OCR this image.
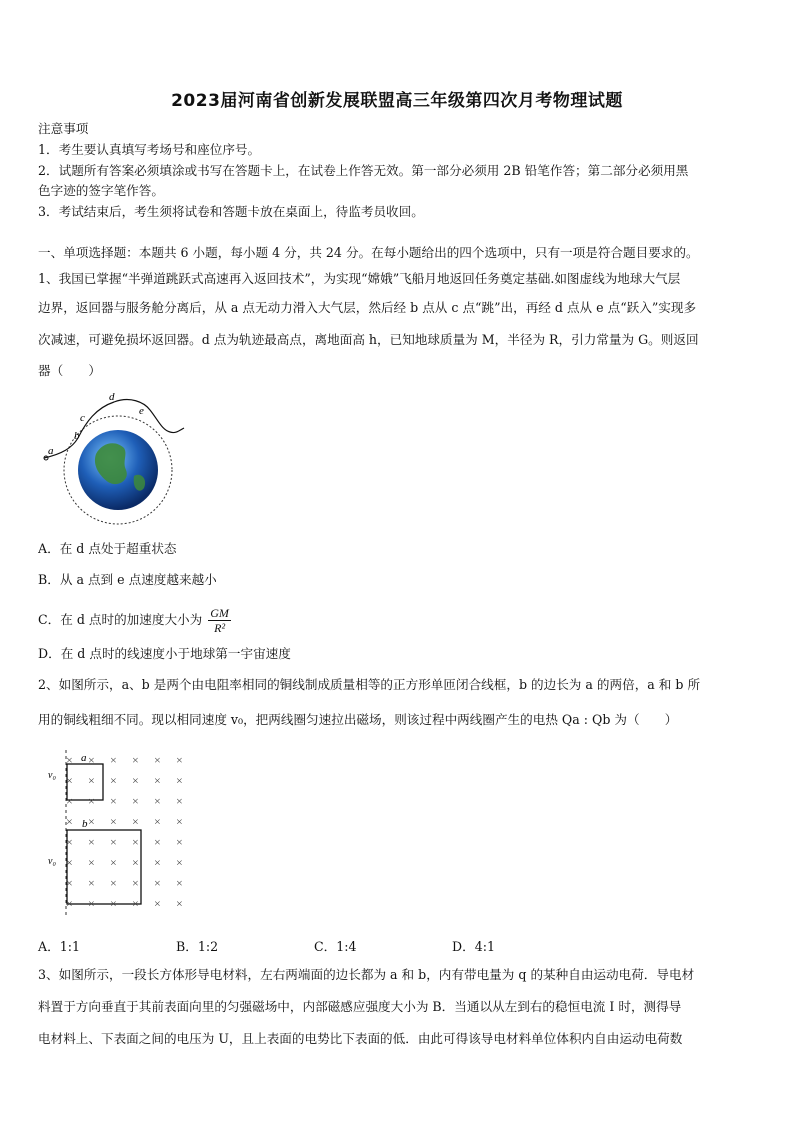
2023届河南省创新发展联盟高三年级第四次月考物理试题
注意事项
1．考生要认真填写考场号和座位序号。
2．试题所有答案必须填涂或书写在答题卡上，在试卷上作答无效。第一部分必须用 2B 铅笔作答；第二部分必须用黑
色字迹的签字笔作答。
3．考试结束后，考生须将试卷和答题卡放在桌面上，待监考员收回。
一、单项选择题：本题共 6 小题，每小题 4 分，共 24 分。在每小题给出的四个选项中，只有一项是符合题目要求的。
1、我国已掌握“半弹道跳跃式高速再入返回技术”，为实现“嫦娥”飞船月地返回任务奠定基础.如图虚线为地球大气层
边界，返回器与服务舱分离后，从 a 点无动力滑入大气层，然后经 b 点从 c 点“跳”出，再经 d 点从 e 点“跃入”实现多
次减速，可避免损坏返回器。d 点为轨迹最高点，离地面高 h，已知地球质量为 M，半径为 R，引力常量为 G。则返回
器（　　）
a
b
c
d
e
A．在 d 点处于超重状态
B．从 a 点到 e 点速度越来越小
C．在 d 点时的加速度大小为 $\frac{GM}{\text{R²}}$
D．在 d 点时的线速度小于地球第一宇宙速度
2、如图所示，a、b 是两个由电阻率相同的铜线制成质量相等的正方形单匝闭合线框，b 的边长为 a 的两倍，a 和 b 所
用的铜线粗细不同。现以相同速度 v₀，把两线圈匀速拉出磁场，则该过程中两线圈产生的电热 Qa : Qb 为（　　）
a
b
v₀
v₀
× × × × × ×
× × × × × ×
× × × × × ×
× × × × × ×
× × × × × ×
× × × × × ×
× × × × × ×
× × × × × ×
A．1:1	B．1:2	C．1:4	D．4:1
3、如图所示，一段长方体形导电材料，左右两端面的边长都为 a 和 b，内有带电量为 q 的某种自由运动电荷．导电材
料置于方向垂直于其前表面向里的匀强磁场中，内部磁感应强度大小为 B．当通以从左到右的稳恒电流 I 时，测得导
电材料上、下表面之间的电压为 U，且上表面的电势比下表面的低．由此可得该导电材料单位体积内自由运动电荷数
